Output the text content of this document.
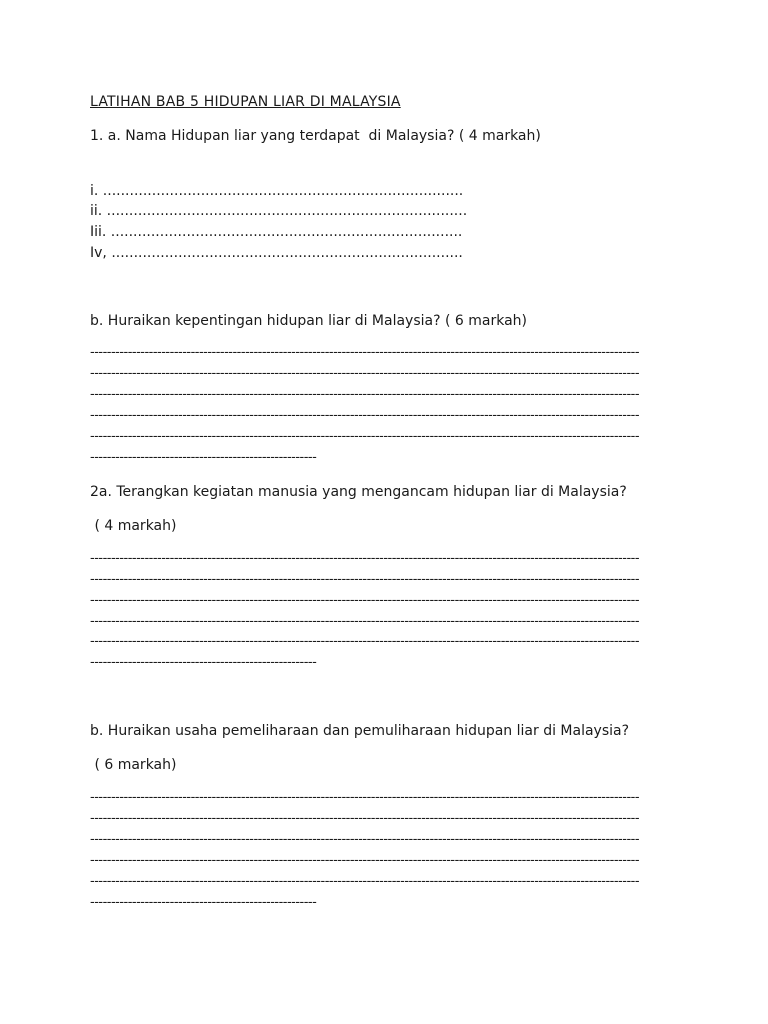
LATIHAN BAB 5 HIDUPAN LIAR DI MALAYSIA
1. a. Nama Hidupan liar yang terdapat  di Malaysia? ( 4 markah)
i. .................................................................................
ii. .................................................................................
Iii. ...............................................................................
Iv, ...............................................................................
b. Huraikan kepentingan hidupan liar di Malaysia? ( 6 markah)
-----------------------------------------------------------------------------------------------------------------------------------
-----------------------------------------------------------------------------------------------------------------------------------
-----------------------------------------------------------------------------------------------------------------------------------
-----------------------------------------------------------------------------------------------------------------------------------
-----------------------------------------------------------------------------------------------------------------------------------
------------------------------------------------------
2a. Terangkan kegiatan manusia yang mengancam hidupan liar di Malaysia?
( 4 markah)
-----------------------------------------------------------------------------------------------------------------------------------
-----------------------------------------------------------------------------------------------------------------------------------
-----------------------------------------------------------------------------------------------------------------------------------
-----------------------------------------------------------------------------------------------------------------------------------
-----------------------------------------------------------------------------------------------------------------------------------
------------------------------------------------------
b. Huraikan usaha pemeliharaan dan pemuliharaan hidupan liar di Malaysia?
( 6 markah)
-----------------------------------------------------------------------------------------------------------------------------------
-----------------------------------------------------------------------------------------------------------------------------------
-----------------------------------------------------------------------------------------------------------------------------------
-----------------------------------------------------------------------------------------------------------------------------------
-----------------------------------------------------------------------------------------------------------------------------------
------------------------------------------------------
